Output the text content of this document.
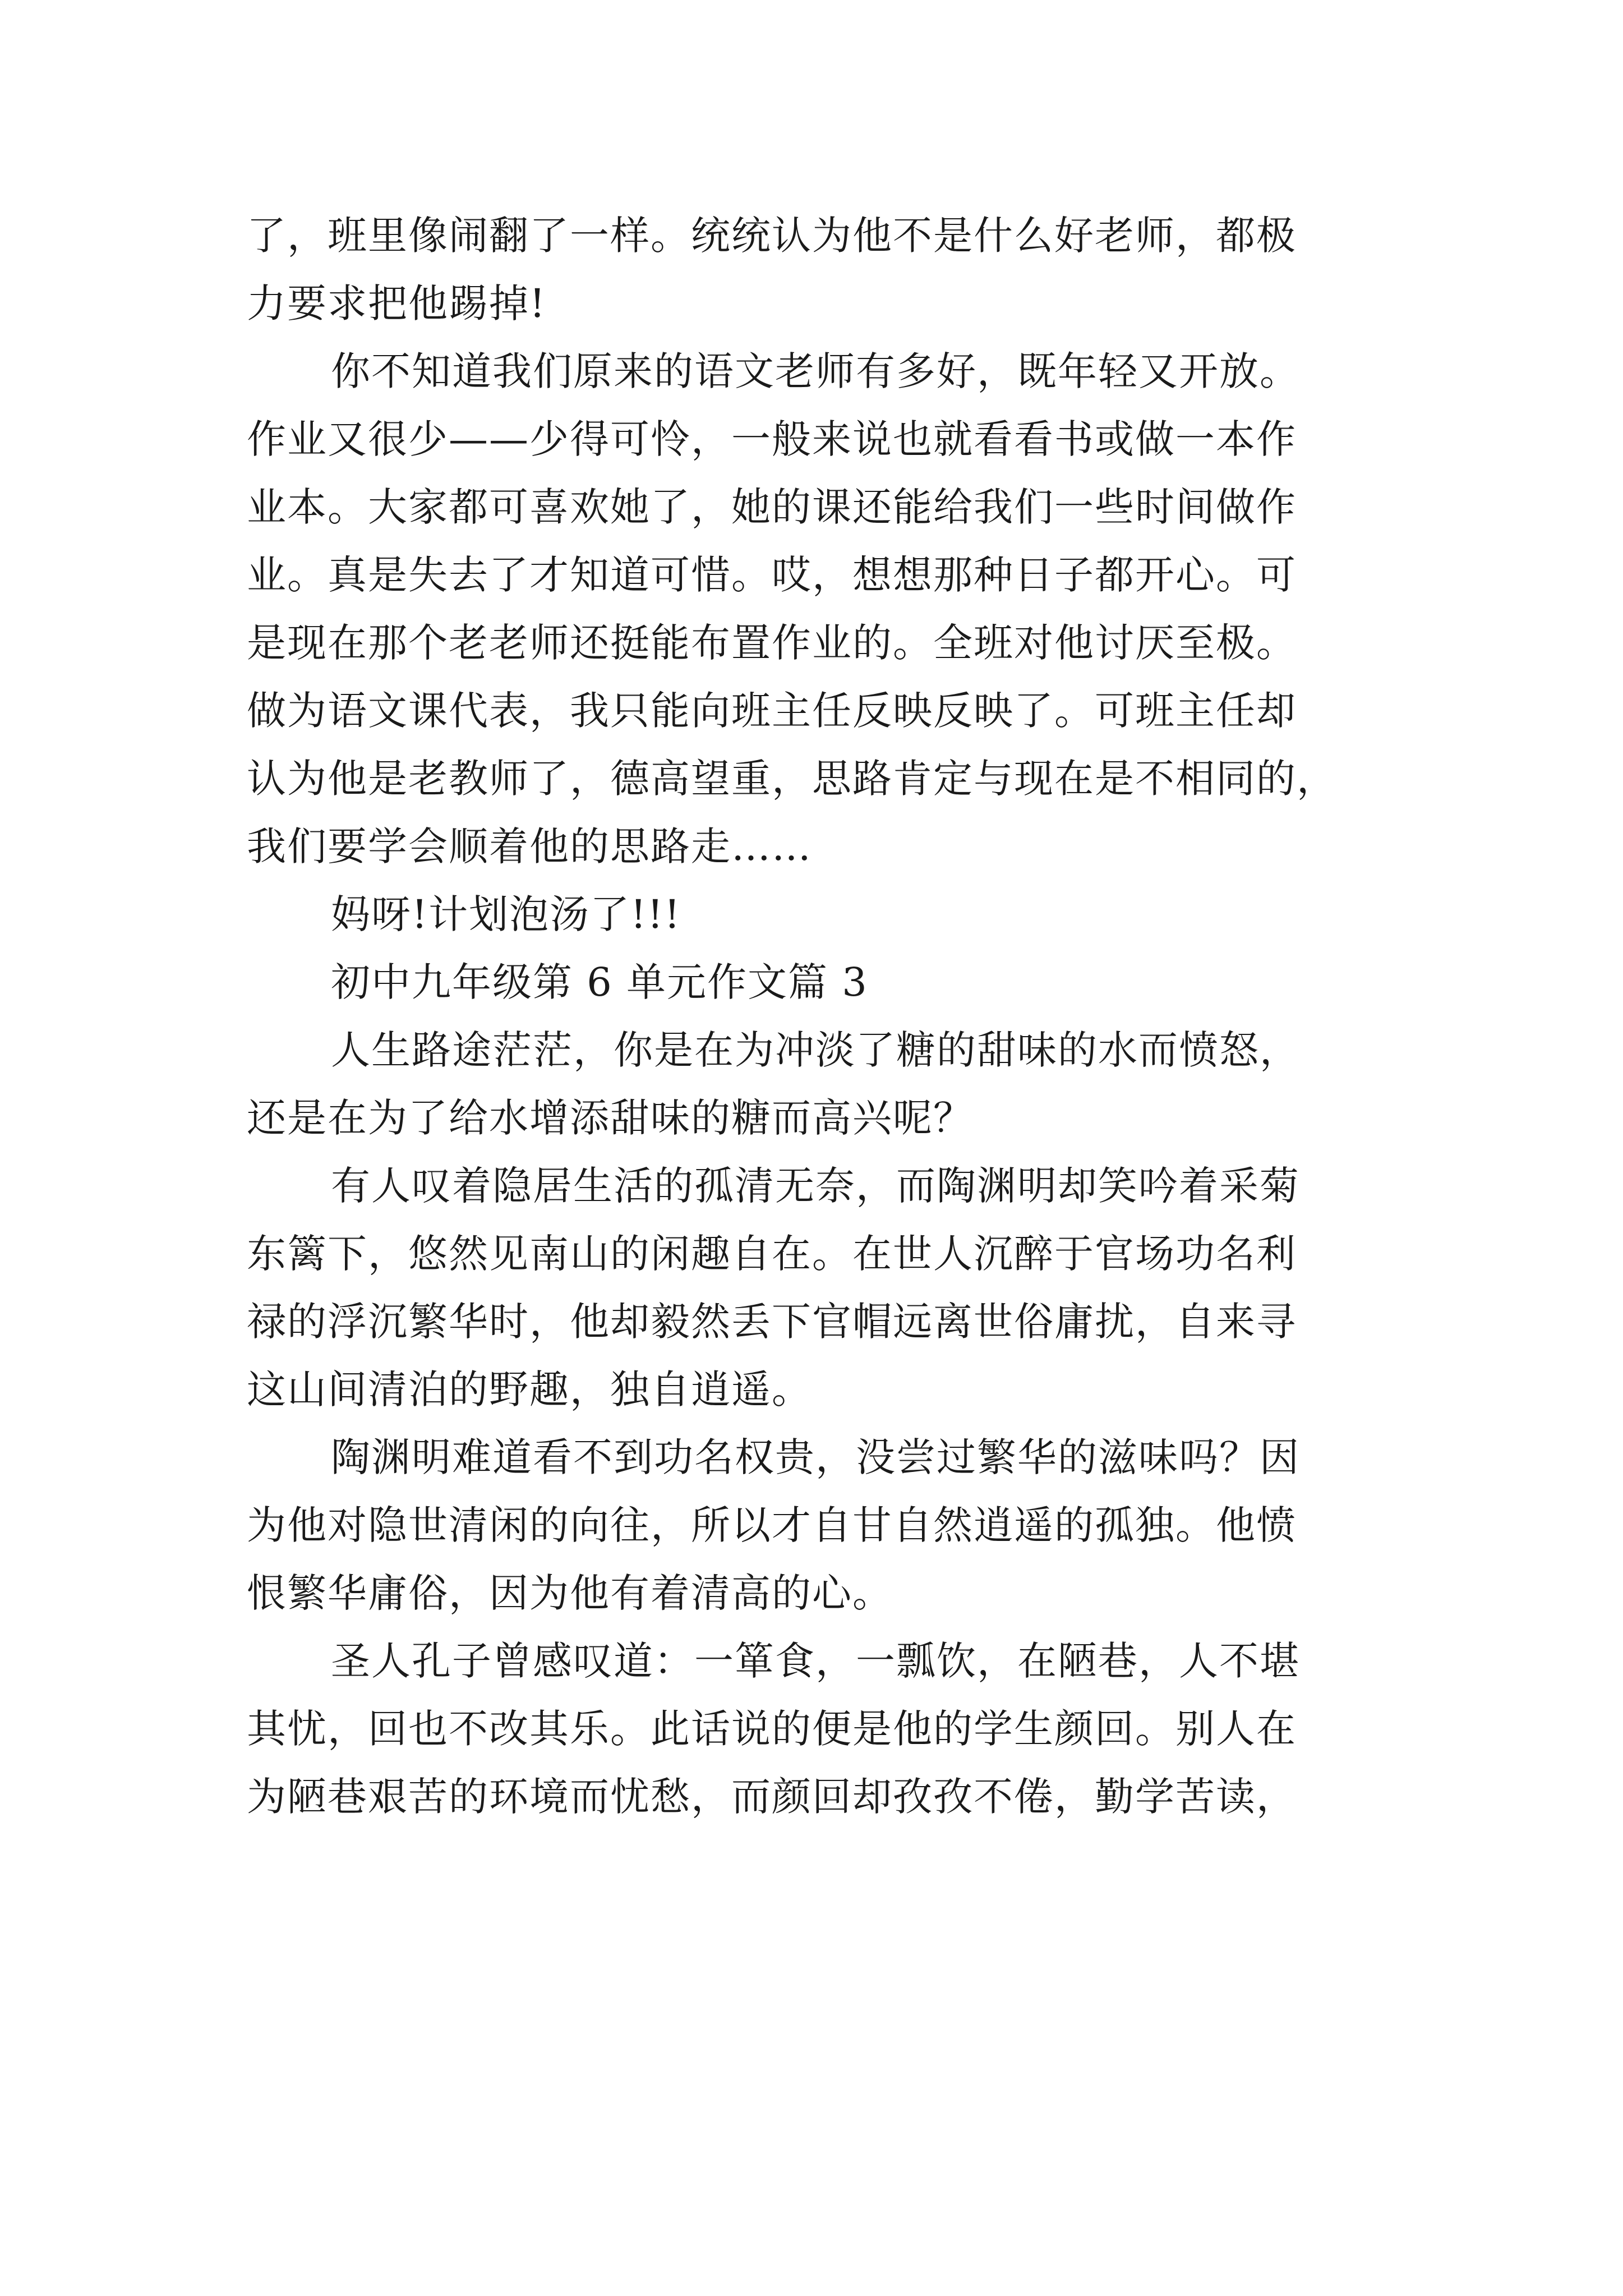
了，班里像闹翻了一样。统统认为他不是什么好老师，都极
力要求把他踢掉!
你不知道我们原来的语文老师有多好，既年轻又开放。
作业又很少——少得可怜，一般来说也就看看书或做一本作
业本。大家都可喜欢她了，她的课还能给我们一些时间做作
业。真是失去了才知道可惜。哎，想想那种日子都开心。可
是现在那个老老师还挺能布置作业的。全班对他讨厌至极。
做为语文课代表，我只能向班主任反映反映了。可班主任却
认为他是老教师了，德高望重，思路肯定与现在是不相同的，
我们要学会顺着他的思路走……
妈呀!计划泡汤了!!!
初中九年级第 6 单元作文篇 3
人生路途茫茫，你是在为冲淡了糖的甜味的水而愤怒，
还是在为了给水增添甜味的糖而高兴呢？
有人叹着隐居生活的孤清无奈，而陶渊明却笑吟着采菊
东篱下，悠然见南山的闲趣自在。在世人沉醉于官场功名利
禄的浮沉繁华时，他却毅然丢下官帽远离世俗庸扰，自来寻
这山间清泊的野趣，独自逍遥。
陶渊明难道看不到功名权贵，没尝过繁华的滋味吗？因
为他对隐世清闲的向往，所以才自甘自然逍遥的孤独。他愤
恨繁华庸俗，因为他有着清高的心。
圣人孔子曾感叹道：一箪食，一瓢饮，在陋巷，人不堪
其忧，回也不改其乐。此话说的便是他的学生颜回。别人在
为陋巷艰苦的环境而忧愁，而颜回却孜孜不倦，勤学苦读，
